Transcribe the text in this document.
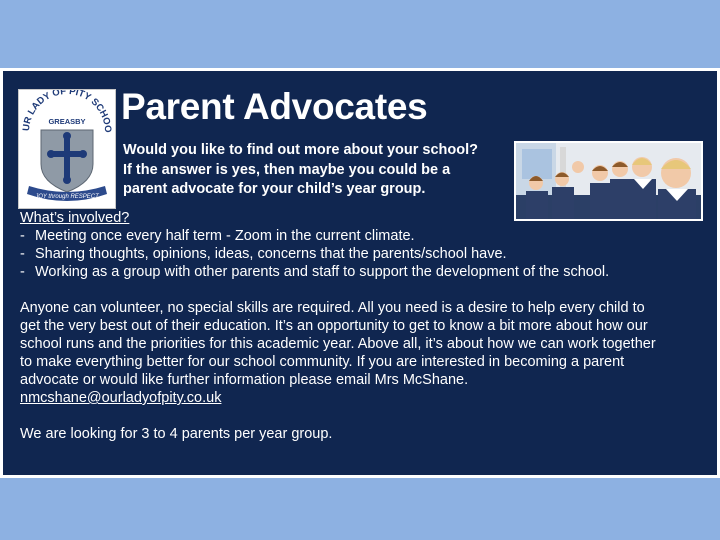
UR LADY OF PITY SCHOO
GREASBY
JOY through RESPECT
Parent Advocates
Would you like to find out more about your school?
If the answer is yes, then maybe you could be a
parent advocate for your child’s year group.
What’s involved?
- Meeting once every half term - Zoom in the current climate.
- Sharing thoughts, opinions, ideas, concerns that the parents/school have.
- Working as a group with other parents and staff to support the development of the school.
Anyone can volunteer, no special skills are required. All you need is a desire to help every child to
get the very best out of their education. It’s an opportunity to get to know a bit more about how our
school runs and the priorities for this academic year. Above all, it’s about how we can work together
to make everything better for our school community. If you are interested in becoming a parent
advocate or would like further information please email Mrs McShane.
nmcshane@ourladyofpity.co.uk
We are looking for 3 to 4 parents per year group.
